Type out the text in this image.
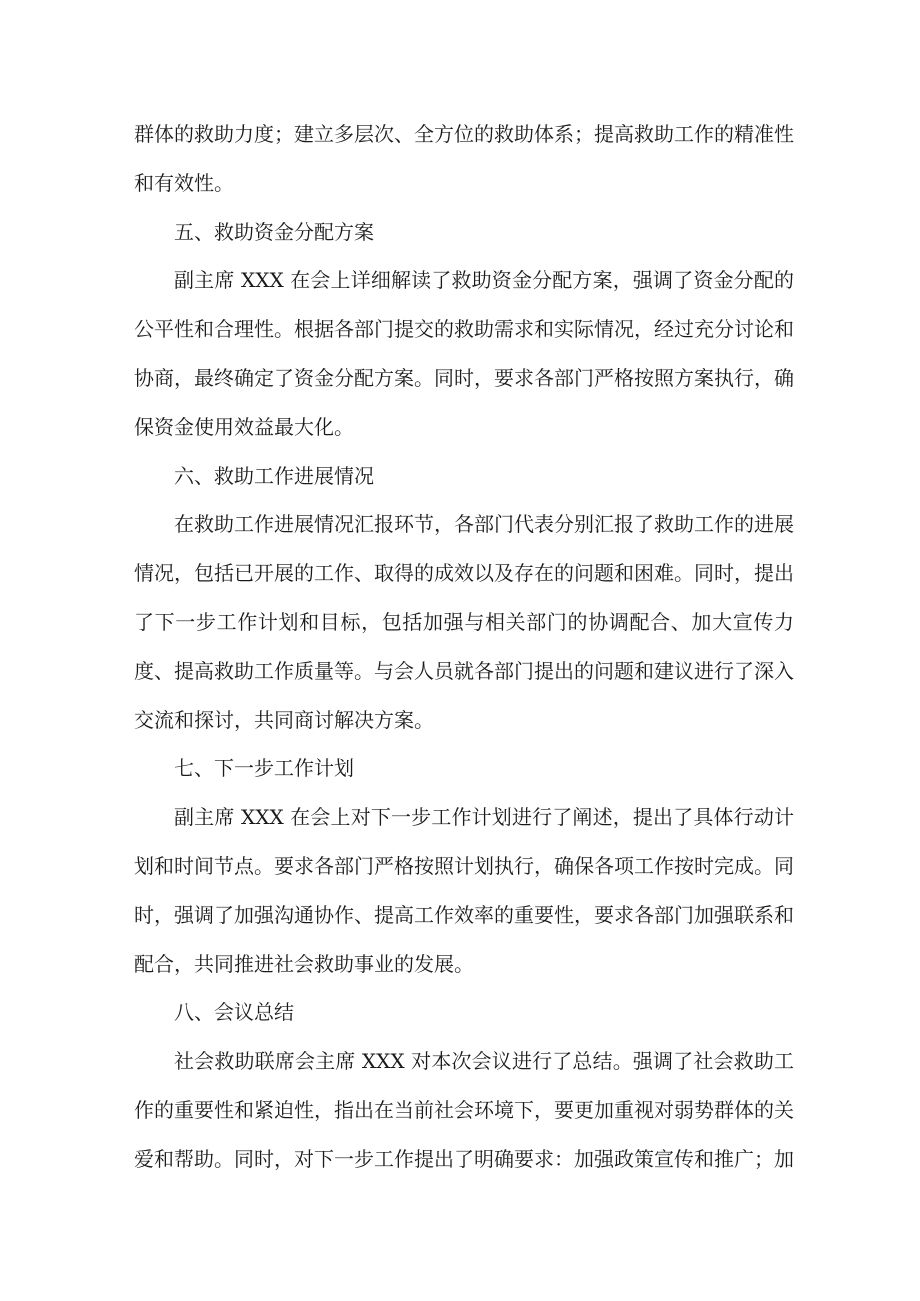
群体的救助力度；建立多层次、全方位的救助体系；提高救助工作的精准性和有效性。

五、救助资金分配方案

副主席 XXX 在会上详细解读了救助资金分配方案，强调了资金分配的公平性和合理性。根据各部门提交的救助需求和实际情况，经过充分讨论和协商，最终确定了资金分配方案。同时，要求各部门严格按照方案执行，确保资金使用效益最大化。

六、救助工作进展情况

在救助工作进展情况汇报环节，各部门代表分别汇报了救助工作的进展情况，包括已开展的工作、取得的成效以及存在的问题和困难。同时，提出了下一步工作计划和目标，包括加强与相关部门的协调配合、加大宣传力度、提高救助工作质量等。与会人员就各部门提出的问题和建议进行了深入交流和探讨，共同商讨解决方案。

七、下一步工作计划

副主席 XXX 在会上对下一步工作计划进行了阐述，提出了具体行动计划和时间节点。要求各部门严格按照计划执行，确保各项工作按时完成。同时，强调了加强沟通协作、提高工作效率的重要性，要求各部门加强联系和配合，共同推进社会救助事业的发展。

八、会议总结

社会救助联席会主席 XXX 对本次会议进行了总结。强调了社会救助工作的重要性和紧迫性，指出在当前社会环境下，要更加重视对弱势群体的关爱和帮助。同时，对下一步工作提出了明确要求：加强政策宣传和推广；加
